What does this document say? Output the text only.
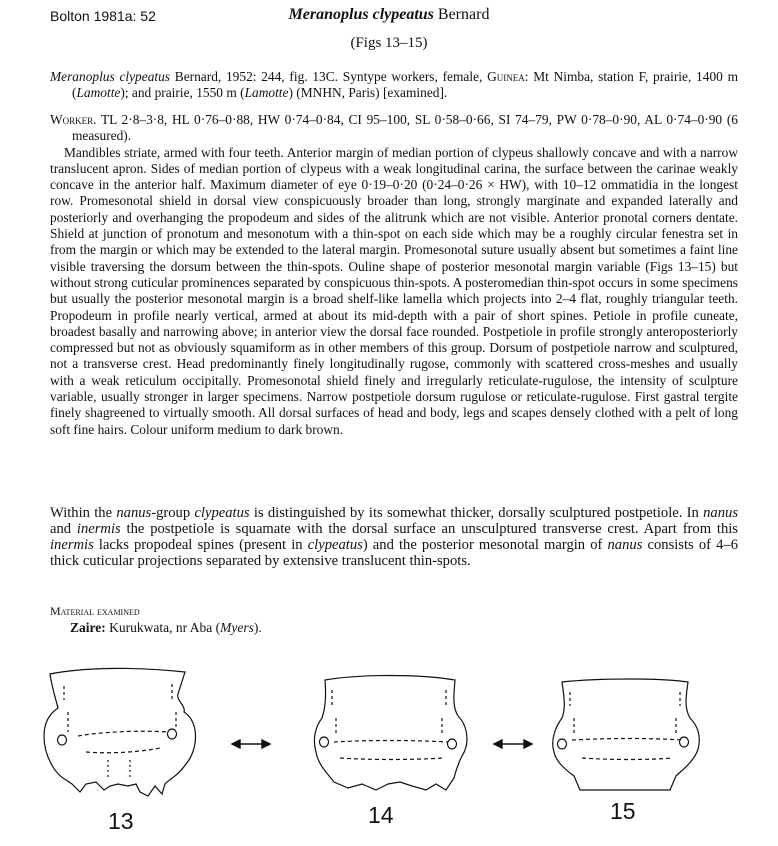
Bolton 1981a: 52	Meranoplus clypeatus Bernard
(Figs 13–15)

Meranoplus clypeatus Bernard, 1952: 244, fig. 13C. Syntype workers, female, Guinea: Mt Nimba, station F, prairie, 1400 m (Lamotte); and prairie, 1550 m (Lamotte) (MNHN, Paris) [examined].

Worker. TL 2·8–3·8, HL 0·76–0·88, HW 0·74–0·84, CI 95–100, SL 0·58–0·66, SI 74–79, PW 0·78–0·90, AL 0·74–0·90 (6 measured).
Mandibles striate, armed with four teeth. Anterior margin of median portion of clypeus shallowly concave and with a narrow translucent apron. Sides of median portion of clypeus with a weak longitudinal carina, the surface between the carinae weakly concave in the anterior half. Maximum diameter of eye 0·19–0·20 (0·24–0·26 × HW), with 10–12 ommatidia in the longest row. Promesonotal shield in dorsal view conspicuously broader than long, strongly marginate and expanded laterally and posteriorly and overhanging the propodeum and sides of the alitrunk which are not visible. Anterior pronotal corners dentate. Shield at junction of pronotum and mesonotum with a thin-spot on each side which may be a roughly circular fenestra set in from the margin or which may be extended to the lateral margin. Promesonotal suture usually absent but sometimes a faint line visible traversing the dorsum between the thin-spots. Ouline shape of posterior mesonotal margin variable (Figs 13–15) but without strong cuticular prominences separated by conspicuous thin-spots. A posteromedian thin-spot occurs in some specimens but usually the posterior mesonotal margin is a broad shelf-like lamella which projects into 2–4 flat, roughly triangular teeth. Propodeum in profile nearly vertical, armed at about its mid-depth with a pair of short spines. Petiole in profile cuneate, broadest basally and narrowing above; in anterior view the dorsal face rounded. Postpetiole in profile strongly anteroposteriorly compressed but not as obviously squamiform as in other members of this group. Dorsum of postpetiole narrow and sculptured, not a transverse crest. Head predominantly finely longitudinally rugose, commonly with scattered cross-meshes and usually with a weak reticulum occipitally. Promesonotal shield finely and irregularly reticulate-rugulose, the intensity of sculpture variable, usually stronger in larger specimens. Narrow postpetiole dorsum rugulose or reticulate-rugulose. First gastral tergite finely shagreened to virtually smooth. All dorsal surfaces of head and body, legs and scapes densely clothed with a pelt of long soft fine hairs. Colour uniform medium to dark brown.

Within the nanus-group clypeatus is distinguished by its somewhat thicker, dorsally sculptured postpetiole. In nanus and inermis the postpetiole is squamate with the dorsal surface an unsculptured transverse crest. Apart from this inermis lacks propodeal spines (present in clypeatus) and the posterior mesonotal margin of nanus consists of 4–6 thick cuticular projections separated by extensive translucent thin-spots.

Material examined
Zaire: Kurukwata, nr Aba (Myers).
13	14	15
